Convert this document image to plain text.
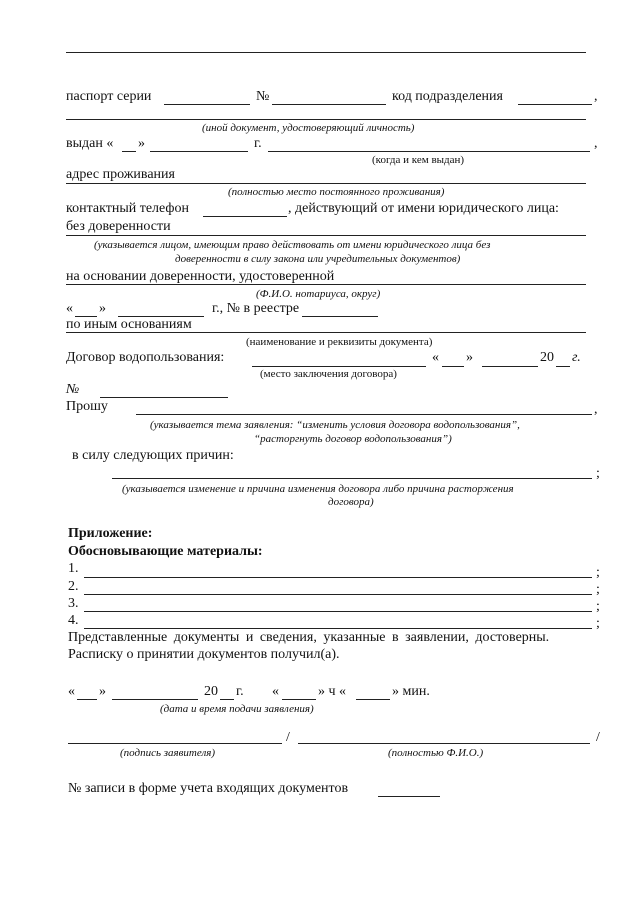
паспорт серии	№	код подразделения	,
(иной документ, удостоверяющий личность)
выдан « »	г.	,
(когда и кем выдан)
адрес проживания
(полностью место постоянного проживания)
контактный телефон	, действующий от имени юридического лица:
без доверенности
(указывается лицом, имеющим право действовать от имени юридического лица без
доверенности в силу закона или учредительных документов)
на основании доверенности, удостоверенной
(Ф.И.О. нотариуса, округ)
« »	г., № в реестре
по иным основаниям
(наименование и реквизиты документа)
Договор водопользования:	« »	20 г.
(место заключения договора)
№
Прошу	,
(указывается тема заявления: “изменить условия договора водопользования”,
“расторгнуть договор водопользования”)
в силу следующих причин:
;
(указывается изменение и причина изменения договора либо причина расторжения
договора)
Приложение:
Обосновывающие материалы:
1.	;
2.	;
3.	;
4.	;
Представленные документы и сведения, указанные в заявлении, достоверны.
Расписку о принятии документов получил(а).
« »	20 г. «	» ч «	» мин.
(дата и время подачи заявления)
/	/
(подпись заявителя)	(полностью Ф.И.О.)
№ записи в форме учета входящих документов
